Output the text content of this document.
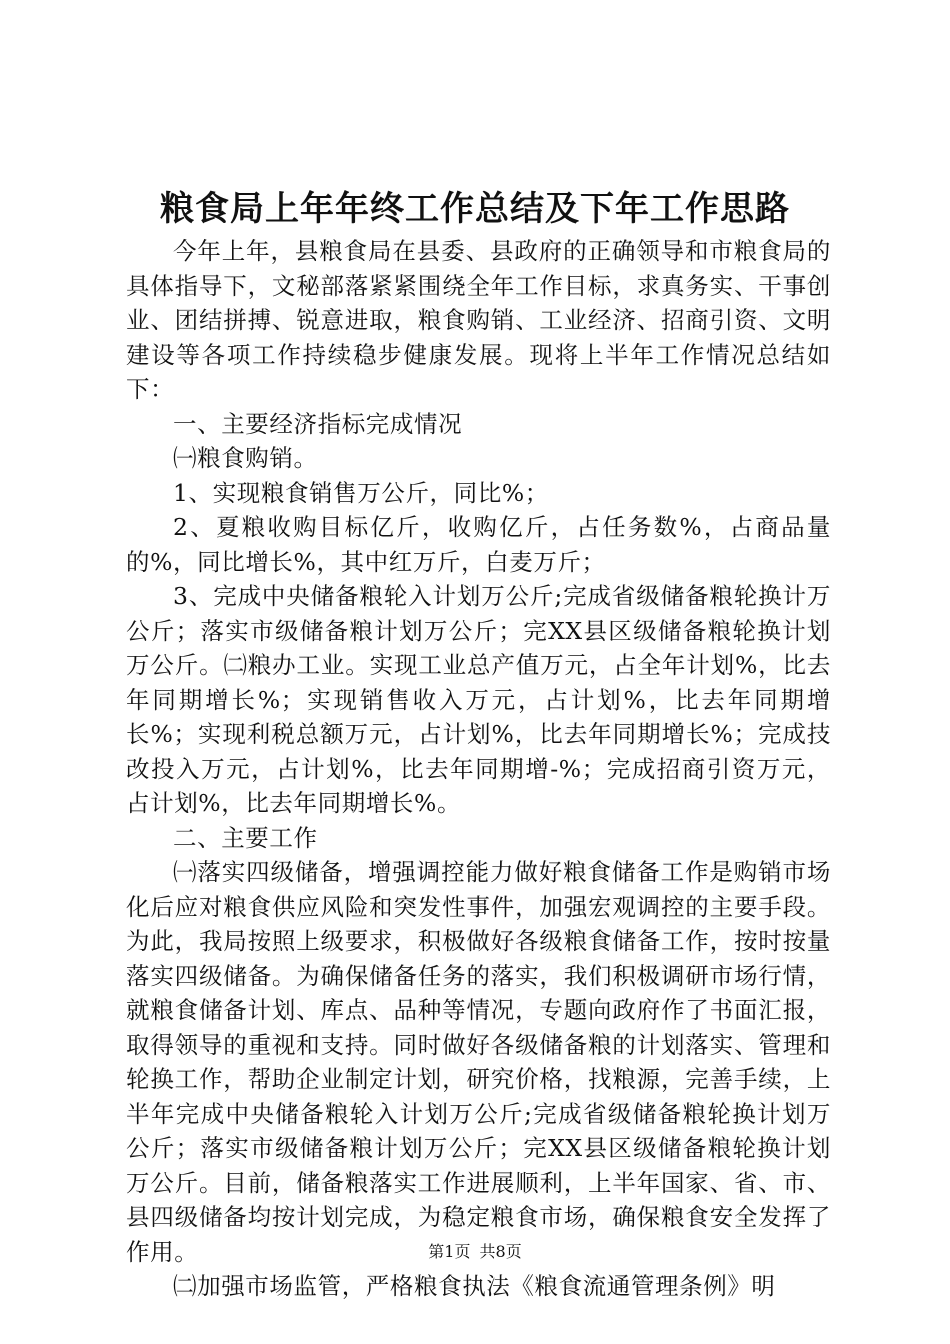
粮食局上年年终工作总结及下年工作思路

今年上年，县粮食局在县委、县政府的正确领导和市粮食局的具体指导下，文秘部落紧紧围绕全年工作目标，求真务实、干事创业、团结拼搏、锐意进取，粮食购销、工业经济、招商引资、文明建设等各项工作持续稳步健康发展。现将上半年工作情况总结如下：

一、主要经济指标完成情况

㈠粮食购销。

1、实现粮食销售万公斤，同比%；

2、夏粮收购目标亿斤，收购亿斤，占任务数%，占商品量的%，同比增长%，其中红万斤，白麦万斤；

3、完成中央储备粮轮入计划万公斤;完成省级储备粮轮换计万公斤；落实市级储备粮计划万公斤；完XX县区级储备粮轮换计划万公斤。㈡粮办工业。实现工业总产值万元，占全年计划%，比去年同期增长%；实现销售收入万元，占计划%，比去年同期增长%；实现利税总额万元，占计划%，比去年同期增长%；完成技改投入万元，占计划%，比去年同期增-%；完成招商引资万元，占计划%，比去年同期增长%。

二、主要工作

㈠落实四级储备，增强调控能力做好粮食储备工作是购销市场化后应对粮食供应风险和突发性事件，加强宏观调控的主要手段。为此，我局按照上级要求，积极做好各级粮食储备工作，按时按量落实四级储备。为确保储备任务的落实，我们积极调研市场行情，就粮食储备计划、库点、品种等情况，专题向政府作了书面汇报，取得领导的重视和支持。同时做好各级储备粮的计划落实、管理和轮换工作，帮助企业制定计划，研究价格，找粮源，完善手续，上半年完成中央储备粮轮入计划万公斤;完成省级储备粮轮换计划万公斤；落实市级储备粮计划万公斤；完XX县区级储备粮轮换计划万公斤。目前，储备粮落实工作进展顺利，上半年国家、省、市、县四级储备均按计划完成，为稳定粮食市场，确保粮食安全发挥了作用。

㈡加强市场监管，严格粮食执法《粮食流通管理条例》明

第1页 共8页
